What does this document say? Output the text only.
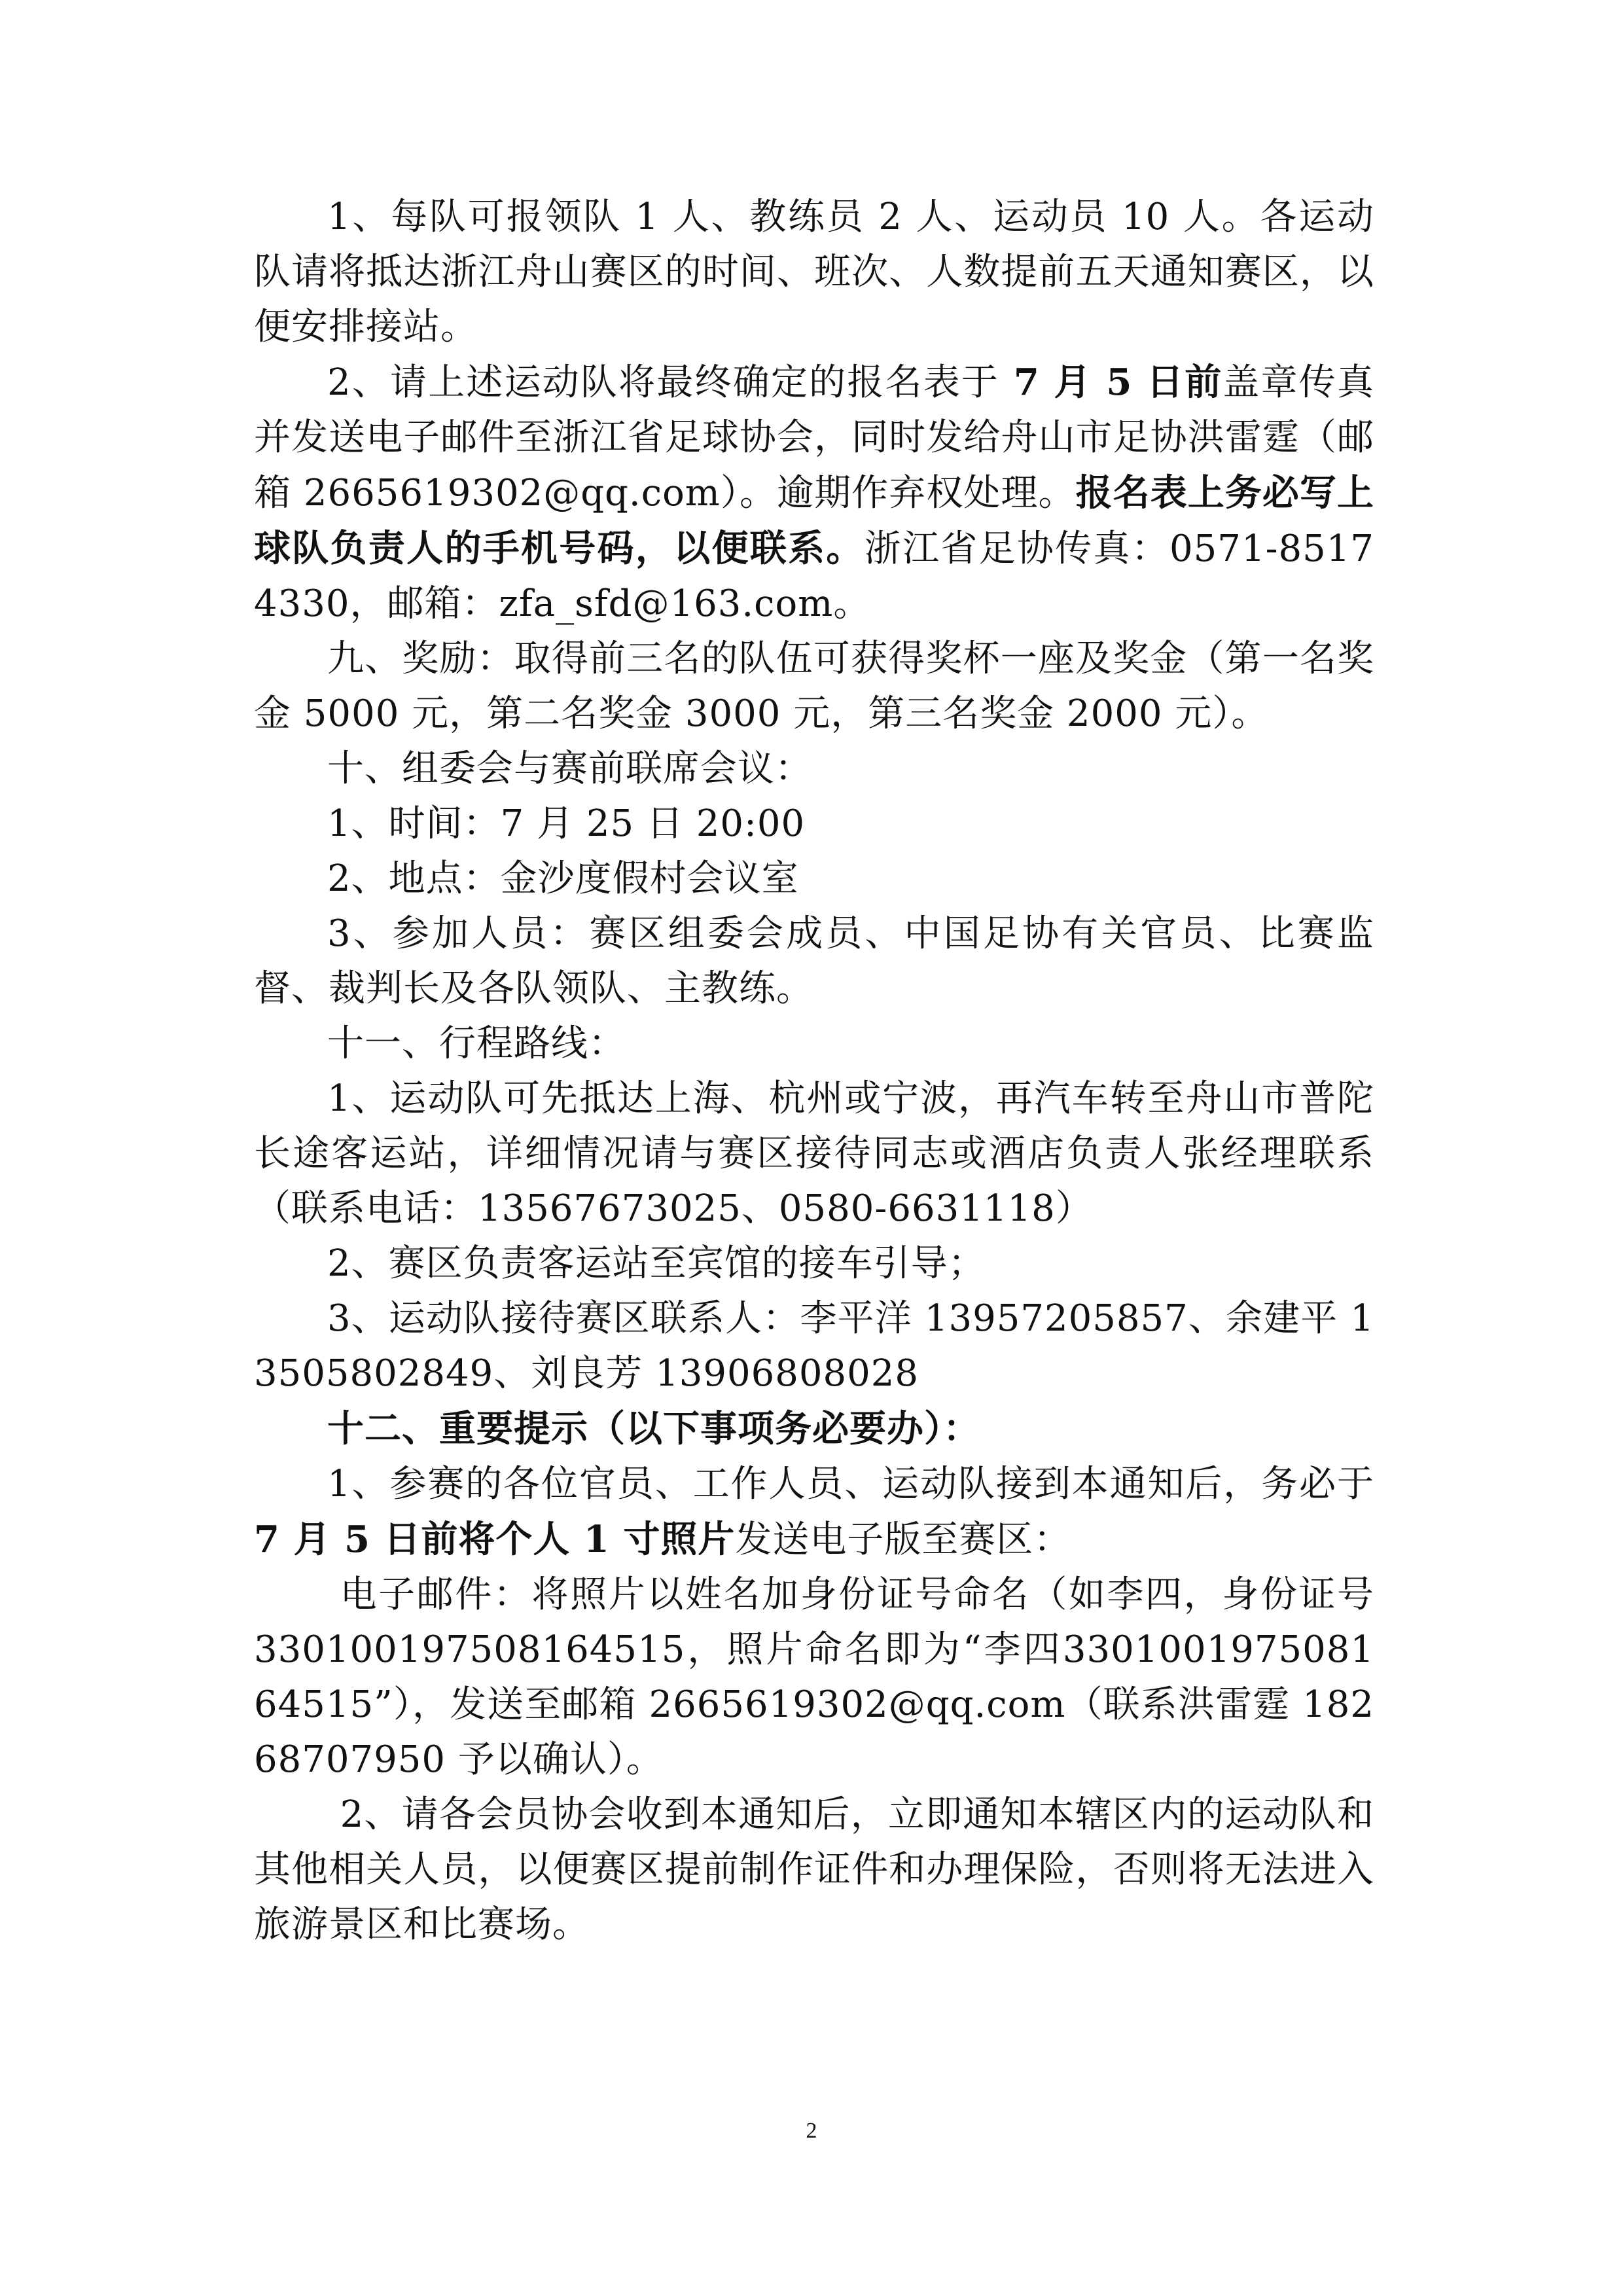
1、每队可报领队 1 人、教练员 2 人、运动员 10 人。各运动队请将抵达浙江舟山赛区的时间、班次、人数提前五天通知赛区，以便安排接站。

2、请上述运动队将最终确定的报名表于 7 月 5 日前盖章传真并发送电子邮件至浙江省足球协会，同时发给舟山市足协洪雷霆（邮箱 2665619302@qq.com）。逾期作弃权处理。报名表上务必写上球队负责人的手机号码，以便联系。浙江省足协传真：0571-85174330，邮箱：zfa_sfd@163.com。

九、奖励：取得前三名的队伍可获得奖杯一座及奖金（第一名奖金 5000 元，第二名奖金 3000 元，第三名奖金 2000 元）。

十、组委会与赛前联席会议：

1、时间：7 月 25 日 20:00

2、地点：金沙度假村会议室

3、参加人员：赛区组委会成员、中国足协有关官员、比赛监督、裁判长及各队领队、主教练。

十一、行程路线：

1、运动队可先抵达上海、杭州或宁波，再汽车转至舟山市普陀长途客运站，详细情况请与赛区接待同志或酒店负责人张经理联系（联系电话：13567673025、0580-6631118）

2、赛区负责客运站至宾馆的接车引导；

3、运动队接待赛区联系人：李平洋 13957205857、余建平 13505802849、刘良芳 13906808028

十二、重要提示（以下事项务必要办）：

1、参赛的各位官员、工作人员、运动队接到本通知后，务必于7 月 5 日前将个人 1 寸照片发送电子版至赛区：

电子邮件：将照片以姓名加身份证号命名（如李四，身份证号 330100197508164515，照片命名即为“李四330100197508164515”），发送至邮箱 2665619302@qq.com（联系洪雷霆 18268707950 予以确认）。

2、请各会员协会收到本通知后，立即通知本辖区内的运动队和其他相关人员，以便赛区提前制作证件和办理保险，否则将无法进入旅游景区和比赛场。

2
